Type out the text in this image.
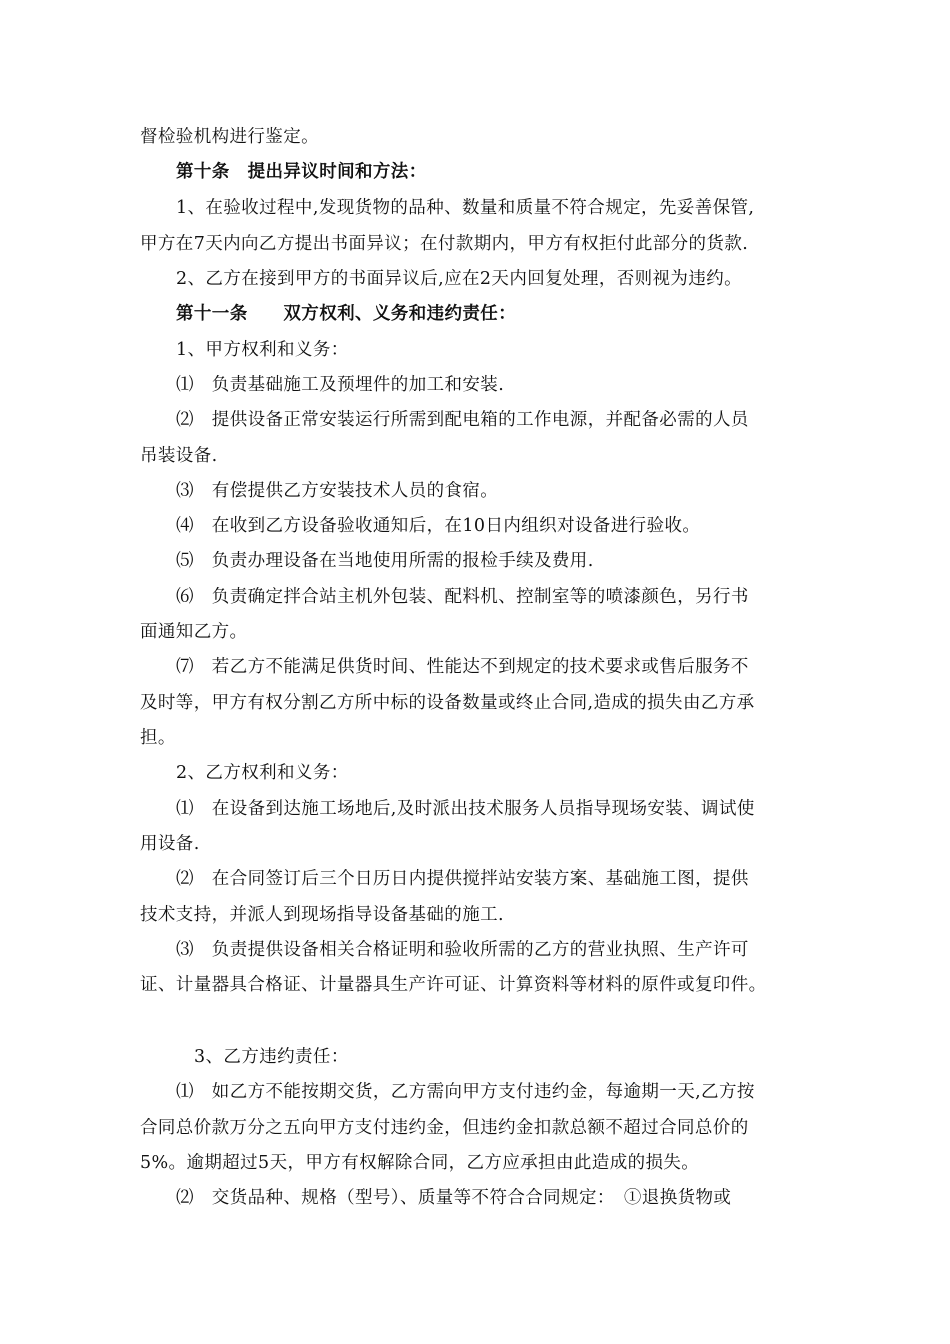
督检验机构进行鉴定。
第十条　提出异议时间和方法：
1、在验收过程中,发现货物的品种、数量和质量不符合规定，先妥善保管,
甲方在7天内向乙方提出书面异议；在付款期内，甲方有权拒付此部分的货款.
2、乙方在接到甲方的书面异议后,应在2天内回复处理，否则视为违约。
第十一条　　双方权利、义务和违约责任：
1、甲方权利和义务：
⑴　负责基础施工及预埋件的加工和安装.
⑵　提供设备正常安装运行所需到配电箱的工作电源，并配备必需的人员
吊装设备.
⑶　有偿提供乙方安装技术人员的食宿。
⑷　在收到乙方设备验收通知后，在10日内组织对设备进行验收。
⑸　负责办理设备在当地使用所需的报检手续及费用.
⑹　负责确定拌合站主机外包装、配料机、控制室等的喷漆颜色，另行书
面通知乙方。
⑺　若乙方不能满足供货时间、性能达不到规定的技术要求或售后服务不
及时等，甲方有权分割乙方所中标的设备数量或终止合同,造成的损失由乙方承
担。
2、乙方权利和义务：
⑴　在设备到达施工场地后,及时派出技术服务人员指导现场安装、调试使
用设备.
⑵　在合同签订后三个日历日内提供搅拌站安装方案、基础施工图，提供
技术支持，并派人到现场指导设备基础的施工.
⑶　负责提供设备相关合格证明和验收所需的乙方的营业执照、生产许可
证、计量器具合格证、计量器具生产许可证、计算资料等材料的原件或复印件。
3、乙方违约责任：
⑴　如乙方不能按期交货，乙方需向甲方支付违约金，每逾期一天,乙方按
合同总价款万分之五向甲方支付违约金，但违约金扣款总额不超过合同总价的
5%。逾期超过5天，甲方有权解除合同，乙方应承担由此造成的损失。
⑵　交货品种、规格（型号）、质量等不符合合同规定：　①退换货物或
